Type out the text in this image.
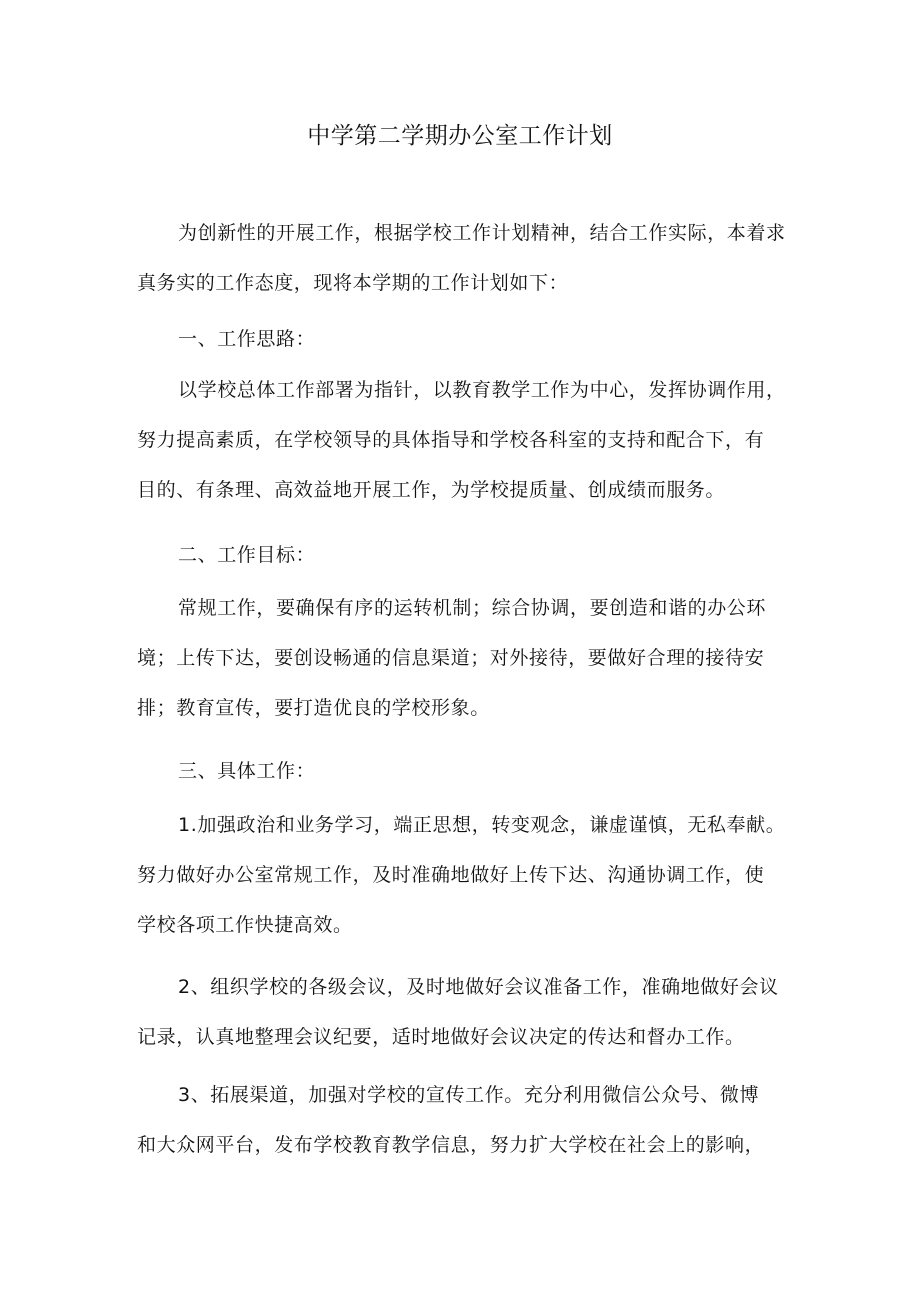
中学第二学期办公室工作计划

为创新性的开展工作，根据学校工作计划精神，结合工作实际，本着求
真务实的工作态度，现将本学期的工作计划如下：

一、工作思路：

以学校总体工作部署为指针，以教育教学工作为中心，发挥协调作用，
努力提高素质，在学校领导的具体指导和学校各科室的支持和配合下，有
目的、有条理、高效益地开展工作，为学校提质量、创成绩而服务。

二、工作目标：

常规工作，要确保有序的运转机制；综合协调，要创造和谐的办公环
境；上传下达，要创设畅通的信息渠道；对外接待，要做好合理的接待安
排；教育宣传，要打造优良的学校形象。

三、具体工作：

1.加强政治和业务学习，端正思想，转变观念，谦虚谨慎，无私奉献。
努力做好办公室常规工作，及时准确地做好上传下达、沟通协调工作，使
学校各项工作快捷高效。

2、组织学校的各级会议，及时地做好会议准备工作，准确地做好会议
记录，认真地整理会议纪要，适时地做好会议决定的传达和督办工作。

3、拓展渠道，加强对学校的宣传工作。充分利用微信公众号、微博
和大众网平台，发布学校教育教学信息，努力扩大学校在社会上的影响，
